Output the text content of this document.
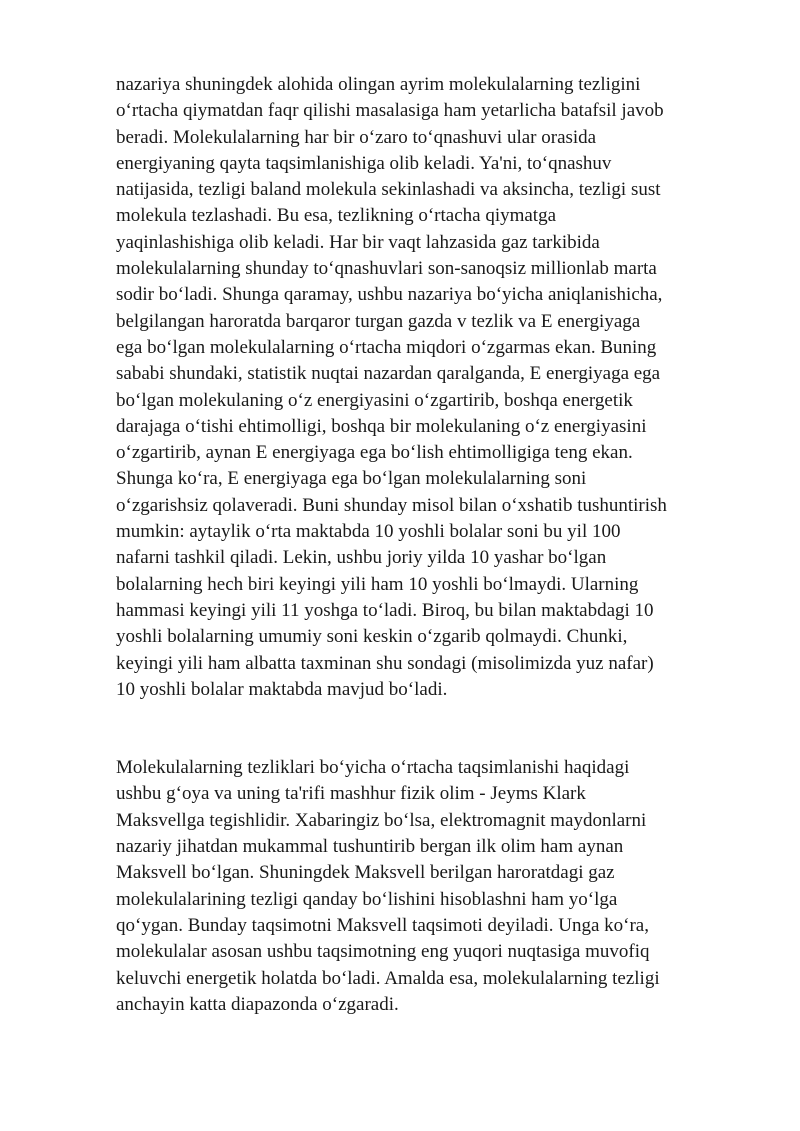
nazariya shuningdek alohida olingan ayrim molekulalarning tezligini
o‘rtacha qiymatdan faqr qilishi masalasiga ham yetarlicha batafsil javob
beradi. Molekulalarning har bir o‘zaro to‘qnashuvi ular orasida
energiyaning qayta taqsimlanishiga olib keladi. Ya'ni, to‘qnashuv
natijasida, tezligi baland molekula sekinlashadi va aksincha, tezligi sust
molekula tezlashadi. Bu esa, tezlikning o‘rtacha qiymatga
yaqinlashishiga olib keladi. Har bir vaqt lahzasida gaz tarkibida
molekulalarning shunday to‘qnashuvlari son-sanoqsiz millionlab marta
sodir bo‘ladi. Shunga qaramay, ushbu nazariya bo‘yicha aniqlanishicha,
belgilangan haroratda barqaror turgan gazda v tezlik va E energiyaga
ega bo‘lgan molekulalarning o‘rtacha miqdori o‘zgarmas ekan. Buning
sababi shundaki, statistik nuqtai nazardan qaralganda, E energiyaga ega
bo‘lgan molekulaning o‘z energiyasini o‘zgartirib, boshqa energetik
darajaga o‘tishi ehtimolligi, boshqa bir molekulaning o‘z energiyasini
o‘zgartirib, aynan E energiyaga ega bo‘lish ehtimolligiga teng ekan.
Shunga ko‘ra, E energiyaga ega bo‘lgan molekulalarning soni
o‘zgarishsiz qolaveradi. Buni shunday misol bilan o‘xshatib tushuntirish
mumkin: aytaylik o‘rta maktabda 10 yoshli bolalar soni bu yil 100
nafarni tashkil qiladi. Lekin, ushbu joriy yilda 10 yashar bo‘lgan
bolalarning hech biri keyingi yili ham 10 yoshli bo‘lmaydi. Ularning
hammasi keyingi yili 11 yoshga to‘ladi. Biroq, bu bilan maktabdagi 10
yoshli bolalarning umumiy soni keskin o‘zgarib qolmaydi. Chunki,
keyingi yili ham albatta taxminan shu sondagi (misolimizda yuz nafar)
10 yoshli bolalar maktabda mavjud bo‘ladi.
Molekulalarning tezliklari bo‘yicha o‘rtacha taqsimlanishi haqidagi
ushbu g‘oya va uning ta'rifi mashhur fizik olim - Jeyms Klark
Maksvellga tegishlidir. Xabaringiz bo‘lsa, elektromagnit maydonlarni
nazariy jihatdan mukammal tushuntirib bergan ilk olim ham aynan
Maksvell bo‘lgan. Shuningdek Maksvell berilgan haroratdagi gaz
molekulalarining tezligi qanday bo‘lishini hisoblashni ham yo‘lga
qo‘ygan. Bunday taqsimotni Maksvell taqsimoti deyiladi. Unga ko‘ra,
molekulalar asosan ushbu taqsimotning eng yuqori nuqtasiga muvofiq
keluvchi energetik holatda bo‘ladi. Amalda esa, molekulalarning tezligi
anchayin katta diapazonda o‘zgaradi.
